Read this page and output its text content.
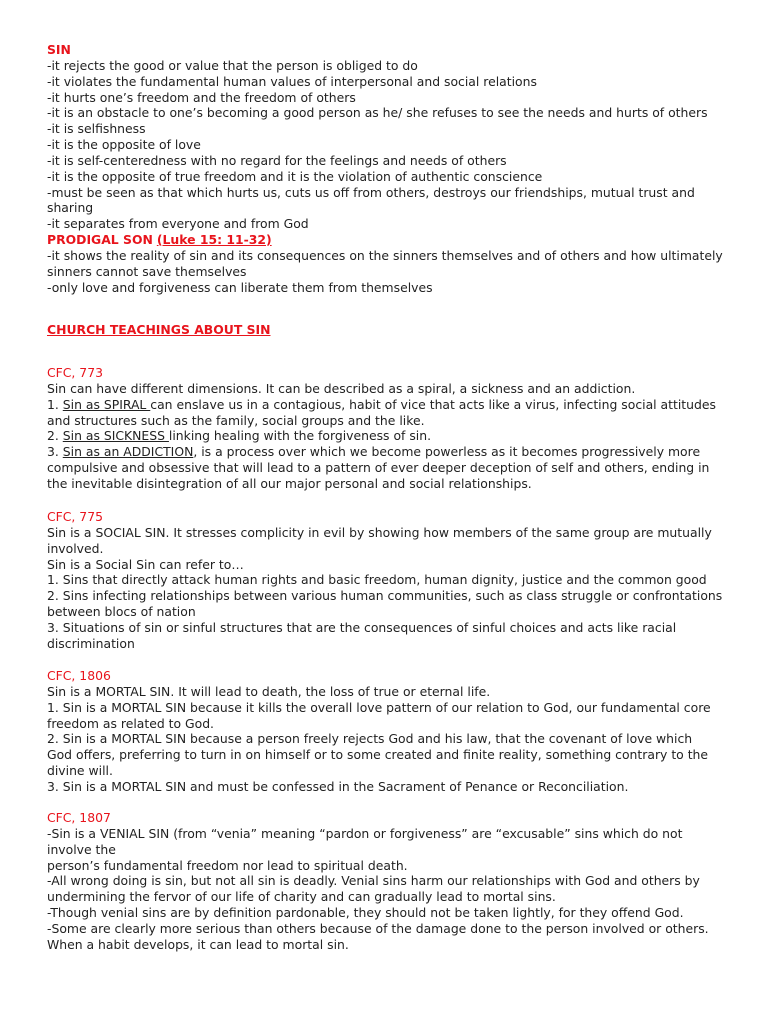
SIN
-it rejects the good or value that the person is obliged to do
-it violates the fundamental human values of interpersonal and social relations
-it hurts one’s freedom and the freedom of others
-it is an obstacle to one’s becoming a good person as he/ she refuses to see the needs and hurts of others
-it is selfishness
-it is the opposite of love
-it is self-centeredness with no regard for the feelings and needs of others
-it is the opposite of true freedom and it is the violation of authentic conscience
-must be seen as that which hurts us, cuts us off from others, destroys our friendships, mutual trust and
sharing
-it separates from everyone and from God
PRODIGAL SON (Luke 15: 11-32)
-it shows the reality of sin and its consequences on the sinners themselves and of others and how ultimately
sinners cannot save themselves
-only love and forgiveness can liberate them from themselves
CHURCH TEACHINGS ABOUT SIN
CFC, 773
Sin can have different dimensions. It can be described as a spiral, a sickness and an addiction.
1. Sin as SPIRAL can enslave us in a contagious, habit of vice that acts like a virus, infecting social attitudes
and structures such as the family, social groups and the like.
2. Sin as SICKNESS linking healing with the forgiveness of sin.
3. Sin as an ADDICTION, is a process over which we become powerless as it becomes progressively more
compulsive and obsessive that will lead to a pattern of ever deeper deception of self and others, ending in
the inevitable disintegration of all our major personal and social relationships.
CFC, 775
Sin is a SOCIAL SIN. It stresses complicity in evil by showing how members of the same group are mutually
involved.
Sin is a Social Sin can refer to…
1. Sins that directly attack human rights and basic freedom, human dignity, justice and the common good
2. Sins infecting relationships between various human communities, such as class struggle or confrontations
between blocs of nation
3. Situations of sin or sinful structures that are the consequences of sinful choices and acts like racial
discrimination
CFC, 1806
Sin is a MORTAL SIN. It will lead to death, the loss of true or eternal life.
1. Sin is a MORTAL SIN because it kills the overall love pattern of our relation to God, our fundamental core
freedom as related to God.
2. Sin is a MORTAL SIN because a person freely rejects God and his law, that the covenant of love which
God offers, preferring to turn in on himself or to some created and finite reality, something contrary to the
divine will.
3. Sin is a MORTAL SIN and must be confessed in the Sacrament of Penance or Reconciliation.
CFC, 1807
-Sin is a VENIAL SIN (from “venia” meaning “pardon or forgiveness” are “excusable” sins which do not
involve the
person’s fundamental freedom nor lead to spiritual death.
-All wrong doing is sin, but not all sin is deadly. Venial sins harm our relationships with God and others by
undermining the fervor of our life of charity and can gradually lead to mortal sins.
-Though venial sins are by definition pardonable, they should not be taken lightly, for they offend God.
-Some are clearly more serious than others because of the damage done to the person involved or others.
When a habit develops, it can lead to mortal sin.
